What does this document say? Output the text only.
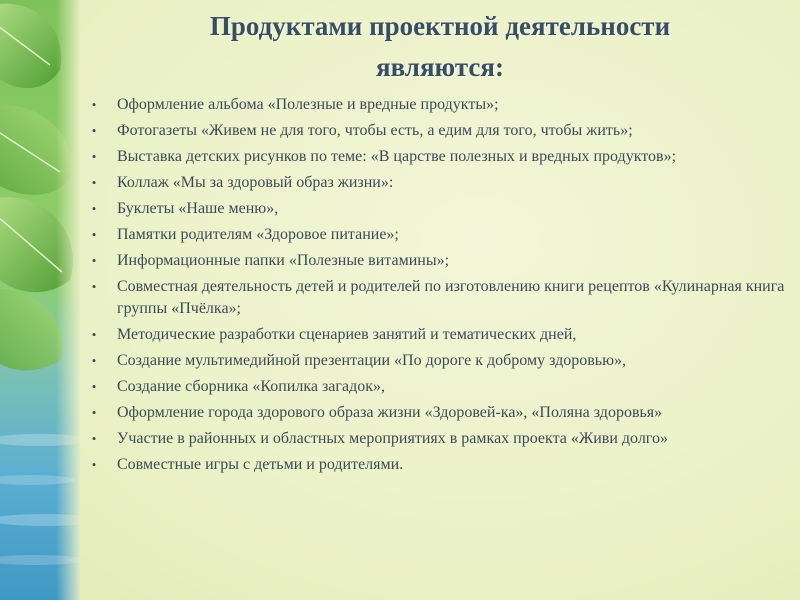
Продуктами проектной деятельности
являются:
• Оформление альбома «Полезные и вредные продукты»;
• Фотогазеты «Живем не для того, чтобы есть, а едим для того, чтобы жить»;
• Выставка детских рисунков по теме: «В царстве полезных и вредных продуктов»;
• Коллаж «Мы за здоровый образ жизни»:
• Буклеты «Наше меню»,
• Памятки родителям «Здоровое питание»;
• Информационные папки «Полезные витамины»;
• Совместная деятельность детей и родителей по изготовлению книги рецептов «Кулинарная книга группы «Пчёлка»;
• Методические разработки сценариев занятий и тематических дней,
• Создание мультимедийной презентации «По дороге к доброму здоровью»,
• Создание сборника «Копилка загадок»,
• Оформление города здорового образа жизни «Здоровей-ка», «Поляна здоровья»
• Участие в районных и областных мероприятиях в рамках проекта «Живи долго»
• Совместные игры с детьми и родителями.
